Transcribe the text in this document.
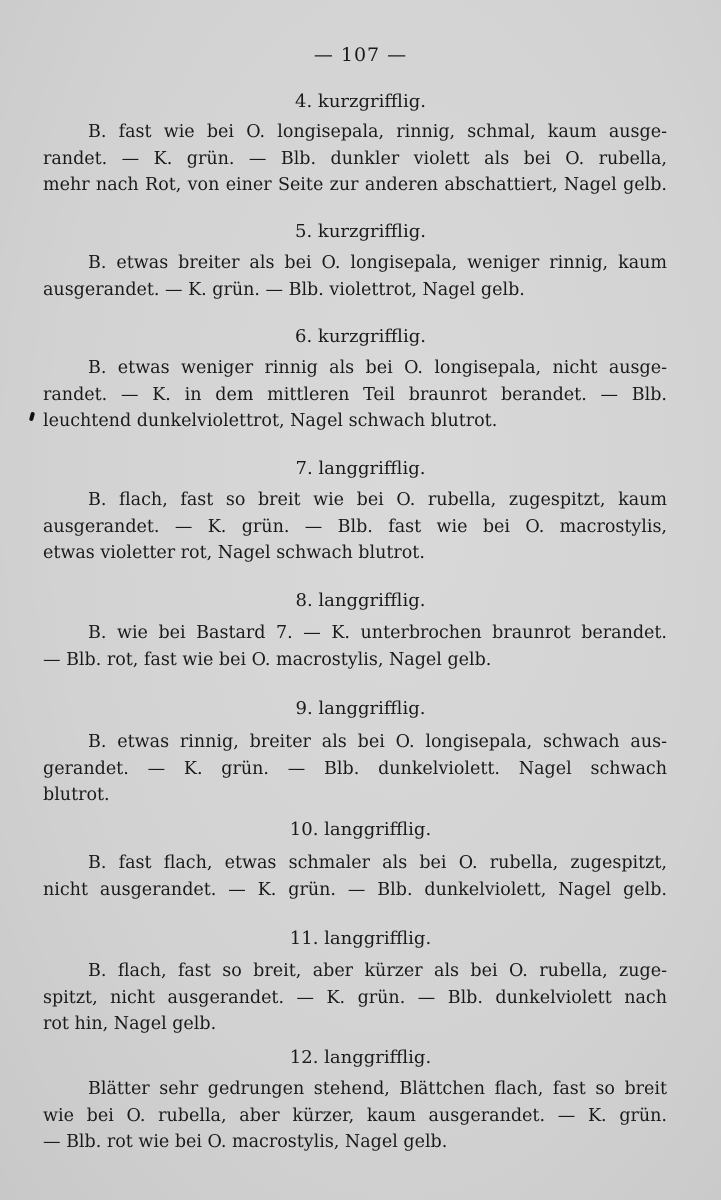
— 107 —
4. kurzgrifflig.
B. fast wie bei O. longisepala, rinnig, schmal, kaum ausge-
randet. — K. grün. — Blb. dunkler violett als bei O. rubella,
mehr nach Rot, von einer Seite zur anderen abschattiert, Nagel gelb.
5. kurzgrifflig.
B. etwas breiter als bei O. longisepala, weniger rinnig, kaum
ausgerandet. — K. grün. — Blb. violettrot, Nagel gelb.
6. kurzgrifflig.
B. etwas weniger rinnig als bei O. longisepala, nicht ausge-
randet. — K. in dem mittleren Teil braunrot berandet. — Blb.
leuchtend dunkelviolettrot, Nagel schwach blutrot.
7. langgrifflig.
B. flach, fast so breit wie bei O. rubella, zugespitzt, kaum
ausgerandet. — K. grün. — Blb. fast wie bei O. macrostylis,
etwas violetter rot, Nagel schwach blutrot.
8. langgrifflig.
B. wie bei Bastard 7. — K. unterbrochen braunrot berandet.
— Blb. rot, fast wie bei O. macrostylis, Nagel gelb.
9. langgrifflig.
B. etwas rinnig, breiter als bei O. longisepala, schwach aus-
gerandet. — K. grün. — Blb. dunkelviolett. Nagel schwach
blutrot.
10. langgrifflig.
B. fast flach, etwas schmaler als bei O. rubella, zugespitzt,
nicht ausgerandet. — K. grün. — Blb. dunkelviolett, Nagel gelb.
11. langgrifflig.
B. flach, fast so breit, aber kürzer als bei O. rubella, zuge-
spitzt, nicht ausgerandet. — K. grün. — Blb. dunkelviolett nach
rot hin, Nagel gelb.
12. langgrifflig.
Blätter sehr gedrungen stehend, Blättchen flach, fast so breit
wie bei O. rubella, aber kürzer, kaum ausgerandet. — K. grün.
— Blb. rot wie bei O. macrostylis, Nagel gelb.
